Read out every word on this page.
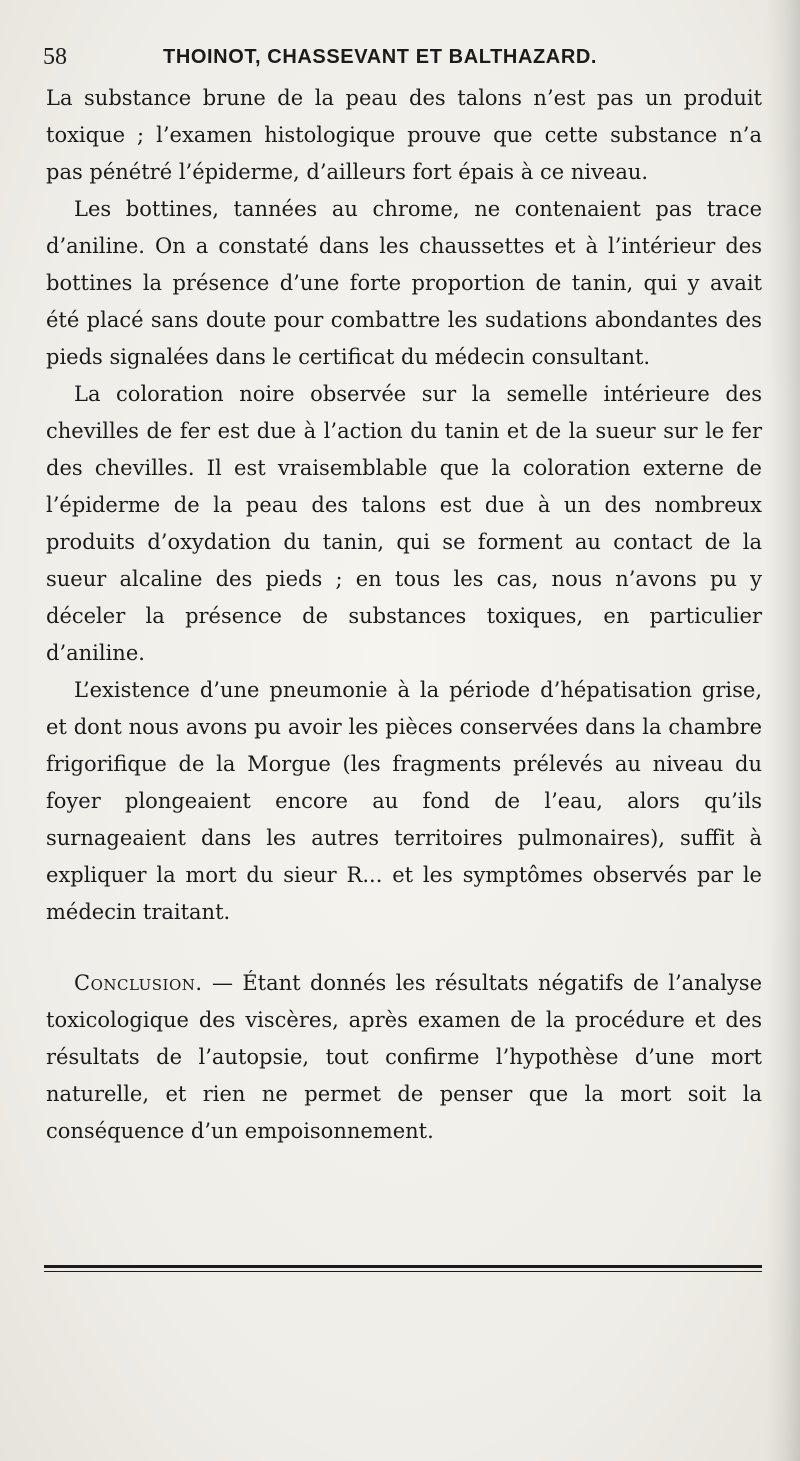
58	THOINOT, CHASSEVANT ET BALTHAZARD.

La substance brune de la peau des talons n’est pas un produit toxique ; l’examen histologique prouve que cette substance n’a pas pénétré l’épiderme, d’ailleurs fort épais à ce niveau.

Les bottines, tannées au chrome, ne contenaient pas trace d’aniline. On a constaté dans les chaussettes et à l’intérieur des bottines la présence d’une forte proportion de tanin, qui y avait été placé sans doute pour combattre les sudations abondantes des pieds signalées dans le certificat du médecin consultant.

La coloration noire observée sur la semelle intérieure des chevilles de fer est due à l’action du tanin et de la sueur sur le fer des chevilles. Il est vraisemblable que la coloration externe de l’épiderme de la peau des talons est due à un des nombreux produits d’oxydation du tanin, qui se forment au contact de la sueur alcaline des pieds ; en tous les cas, nous n’avons pu y déceler la présence de substances toxiques, en particulier d’aniline.

L’existence d’une pneumonie à la période d’hépatisation grise, et dont nous avons pu avoir les pièces conservées dans la chambre frigorifique de la Morgue (les fragments prélevés au niveau du foyer plongeaient encore au fond de l’eau, alors qu’ils surnageaient dans les autres territoires pulmonaires), suffit à expliquer la mort du sieur R... et les symptômes observés par le médecin traitant.

Conclusion. — Étant donnés les résultats négatifs de l’analyse toxicologique des viscères, après examen de la procédure et des résultats de l’autopsie, tout confirme l’hypothèse d’une mort naturelle, et rien ne permet de penser que la mort soit la conséquence d’un empoisonnement.
